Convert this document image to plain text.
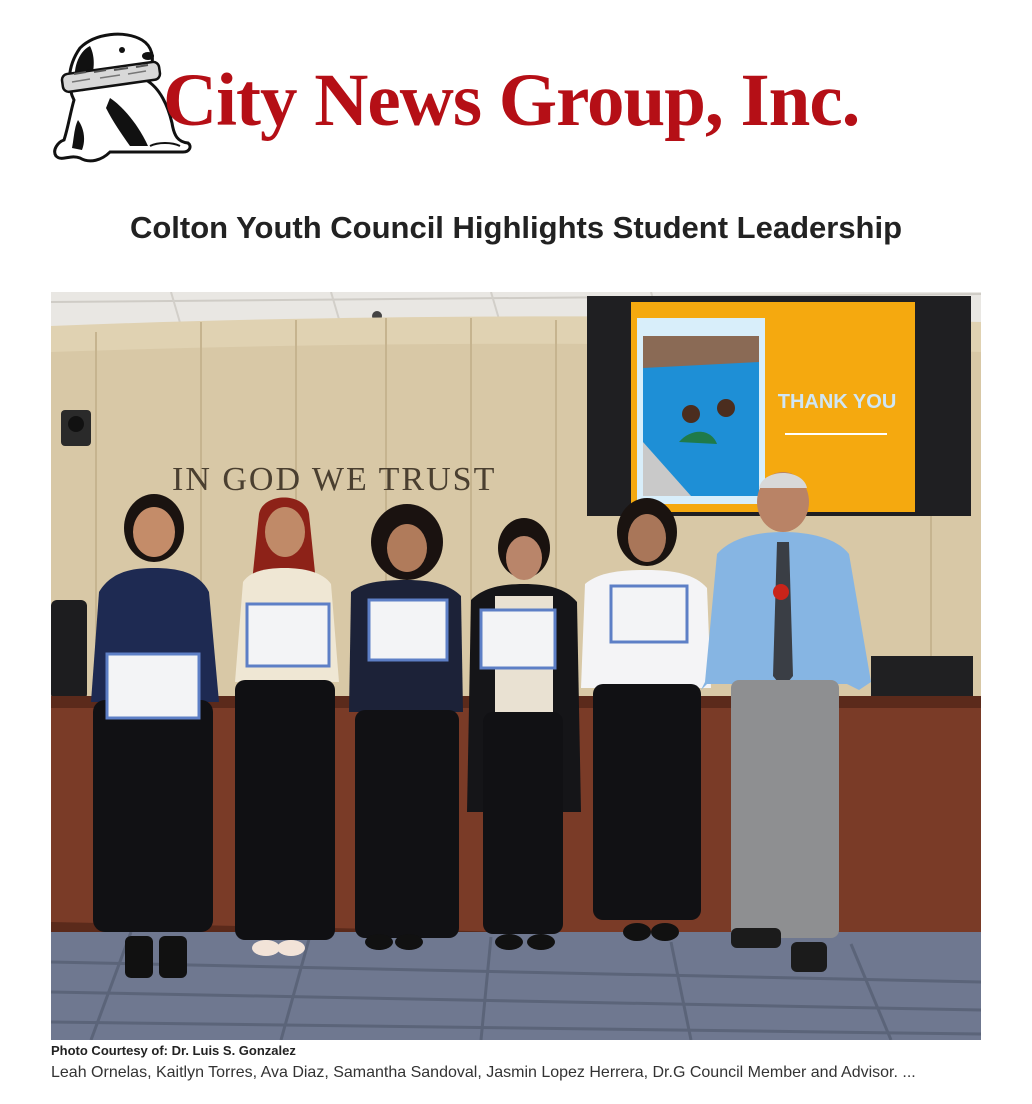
City News Group, Inc.
Colton Youth Council Highlights Student Leadership
IN GOD WE TRUST
THANK YOU
Photo Courtesy of: Dr. Luis S. Gonzalez
Leah Ornelas, Kaitlyn Torres, Ava Diaz, Samantha Sandoval, Jasmin Lopez Herrera, Dr.G Council Member and Advisor. ...
